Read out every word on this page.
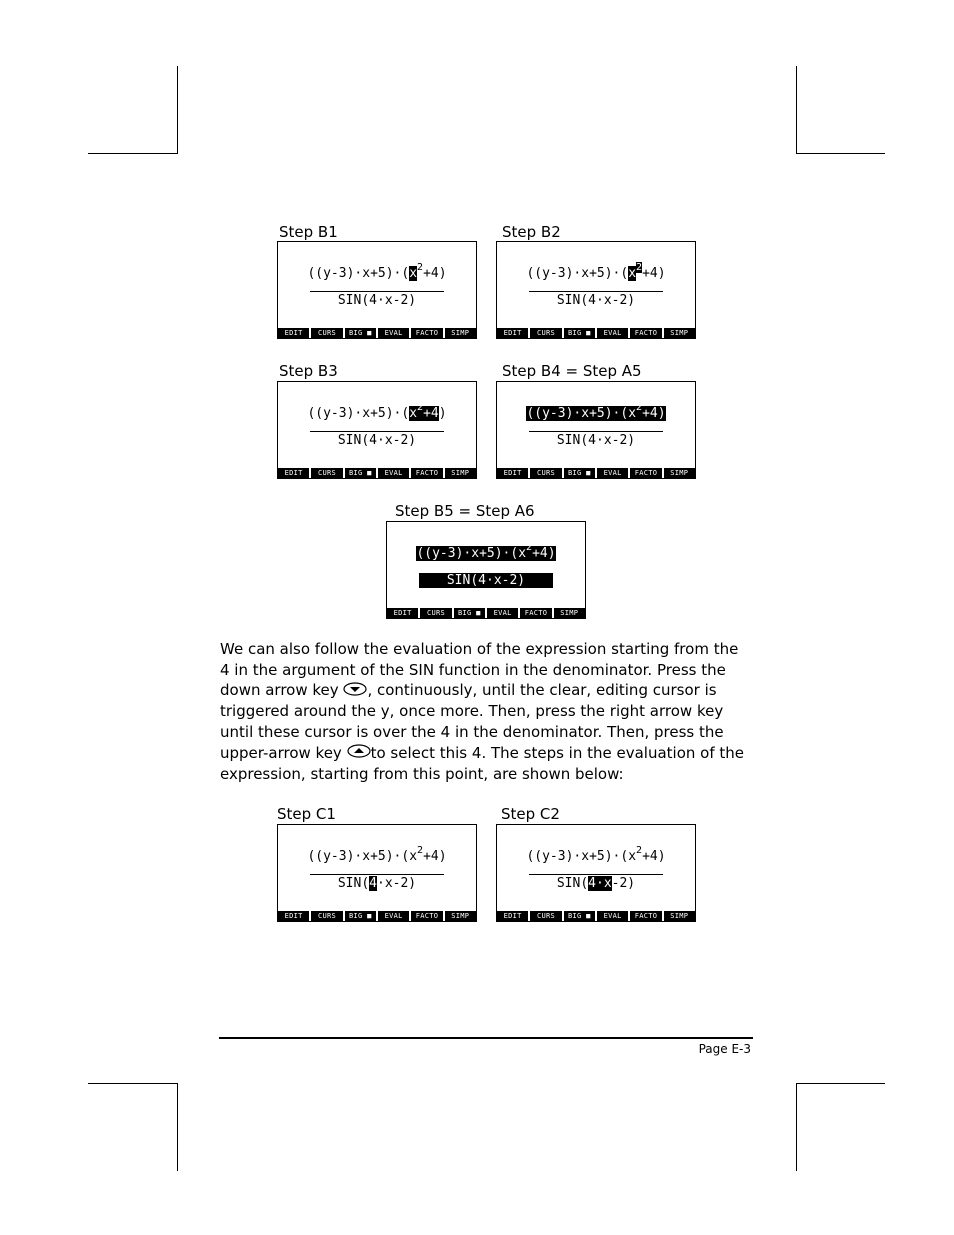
Step B1	Step B2
Step B3	Step B4 = Step A5
Step B5 = Step A6
Step C1	Step C2
$((y-3)\cdot x+5)\cdot(x^2+4)$
SIN(4·x-2)
EDIT	CURS	BIG ■	EVAL	FACTO	SIMP
$((y-3)\cdot x+5)\cdot(x^2+4)$
SIN(4·x-2)
EDIT	CURS	BIG ■	EVAL	FACTO	SIMP
$((y-3)\cdot x+5)\cdot(x^2+4)$
SIN(4·x-2)
EDIT	CURS	BIG ■	EVAL	FACTO	SIMP
$((y-3)\cdot x+5)\cdot(x^2+4)$
SIN(4·x-2)
EDIT	CURS	BIG ■	EVAL	FACTO	SIMP
$((y-3)\cdot x+5)\cdot(x^2+4)$
SIN(4·x-2)
EDIT	CURS	BIG ■	EVAL	FACTO	SIMP
$((y-3)\cdot x+5)\cdot(x^2+4)$
SIN(4·x-2)
EDIT	CURS	BIG ■	EVAL	FACTO	SIMP
$((y-3)\cdot x+5)\cdot(x^2+4)$
SIN(4·x-2)
EDIT	CURS	BIG ■	EVAL	FACTO	SIMP
We can also follow the evaluation of the expression starting from the 4 in the argument of the SIN function in the denominator. Press the down arrow key , continuously, until the clear, editing cursor is triggered around the y, once more. Then, press the right arrow key until these cursor is over the 4 in the denominator. Then, press the upper-arrow key to select this 4. The steps in the evaluation of the expression, starting from this point, are shown below:
Page E-3
